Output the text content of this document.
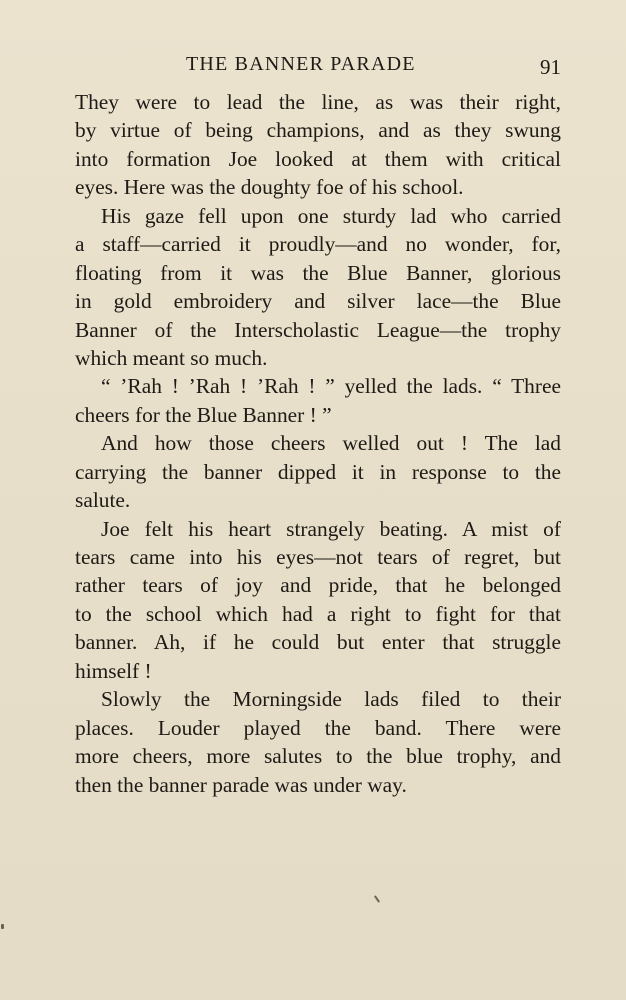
THE BANNER PARADE	91
They were to lead the line, as was their right,
by virtue of being champions, and as they swung
into formation Joe looked at them with critical
eyes. Here was the doughty foe of his school.
His gaze fell upon one sturdy lad who carried
a staff—carried it proudly—and no wonder, for,
floating from it was the Blue Banner, glorious
in gold embroidery and silver lace—the Blue
Banner of the Interscholastic League—the trophy
which meant so much.
“ ’Rah ! ’Rah ! ’Rah ! ” yelled the lads. “ Three
cheers for the Blue Banner ! ”
And how those cheers welled out ! The lad
carrying the banner dipped it in response to the
salute.
Joe felt his heart strangely beating. A mist of
tears came into his eyes—not tears of regret, but
rather tears of joy and pride, that he belonged
to the school which had a right to fight for that
banner. Ah, if he could but enter that struggle
himself !
Slowly the Morningside lads filed to their
places. Louder played the band. There were
more cheers, more salutes to the blue trophy, and
then the banner parade was under way.
